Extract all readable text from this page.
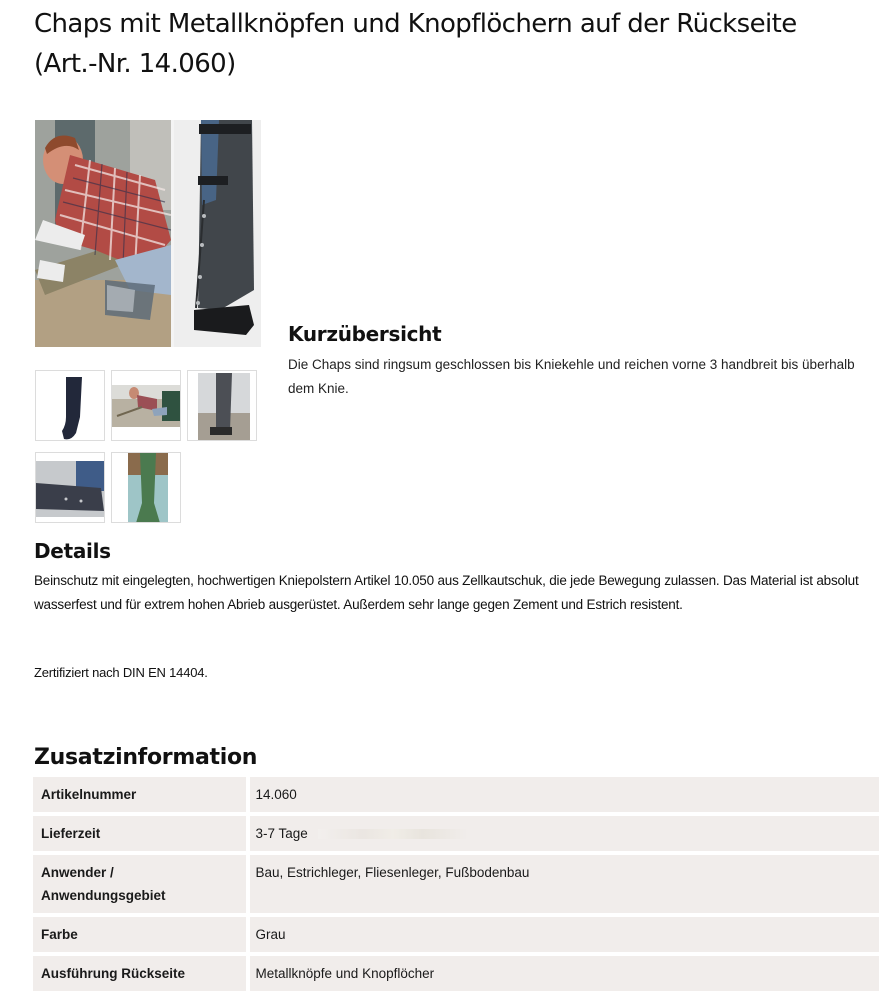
Chaps mit Metallknöpfen und Knopflöchern auf der Rückseite (Art.-Nr. 14.060)
Kurzübersicht

Die Chaps sind ringsum geschlossen bis Kniekehle und reichen vorne 3 handbreit bis überhalb dem Knie.

Details

Beinschutz mit eingelegten, hochwertigen Kniepolstern Artikel 10.050 aus Zellkautschuk, die jede Bewegung zulassen. Das Material ist absolut wasserfest und für extrem hohen Abrieb ausgerüstet. Außerdem sehr lange gegen Zement und Estrich resistent.

Zertifiziert nach DIN EN 14404.

Zusatzinformation
Artikelnummer	14.060
Lieferzeit	3-7 Tage
Anwender / Anwendungsgebiet	Bau, Estrichleger, Fliesenleger, Fußbodenbau
Farbe	Grau
Ausführung Rückseite	Metallknöpfe und Knopflöcher
